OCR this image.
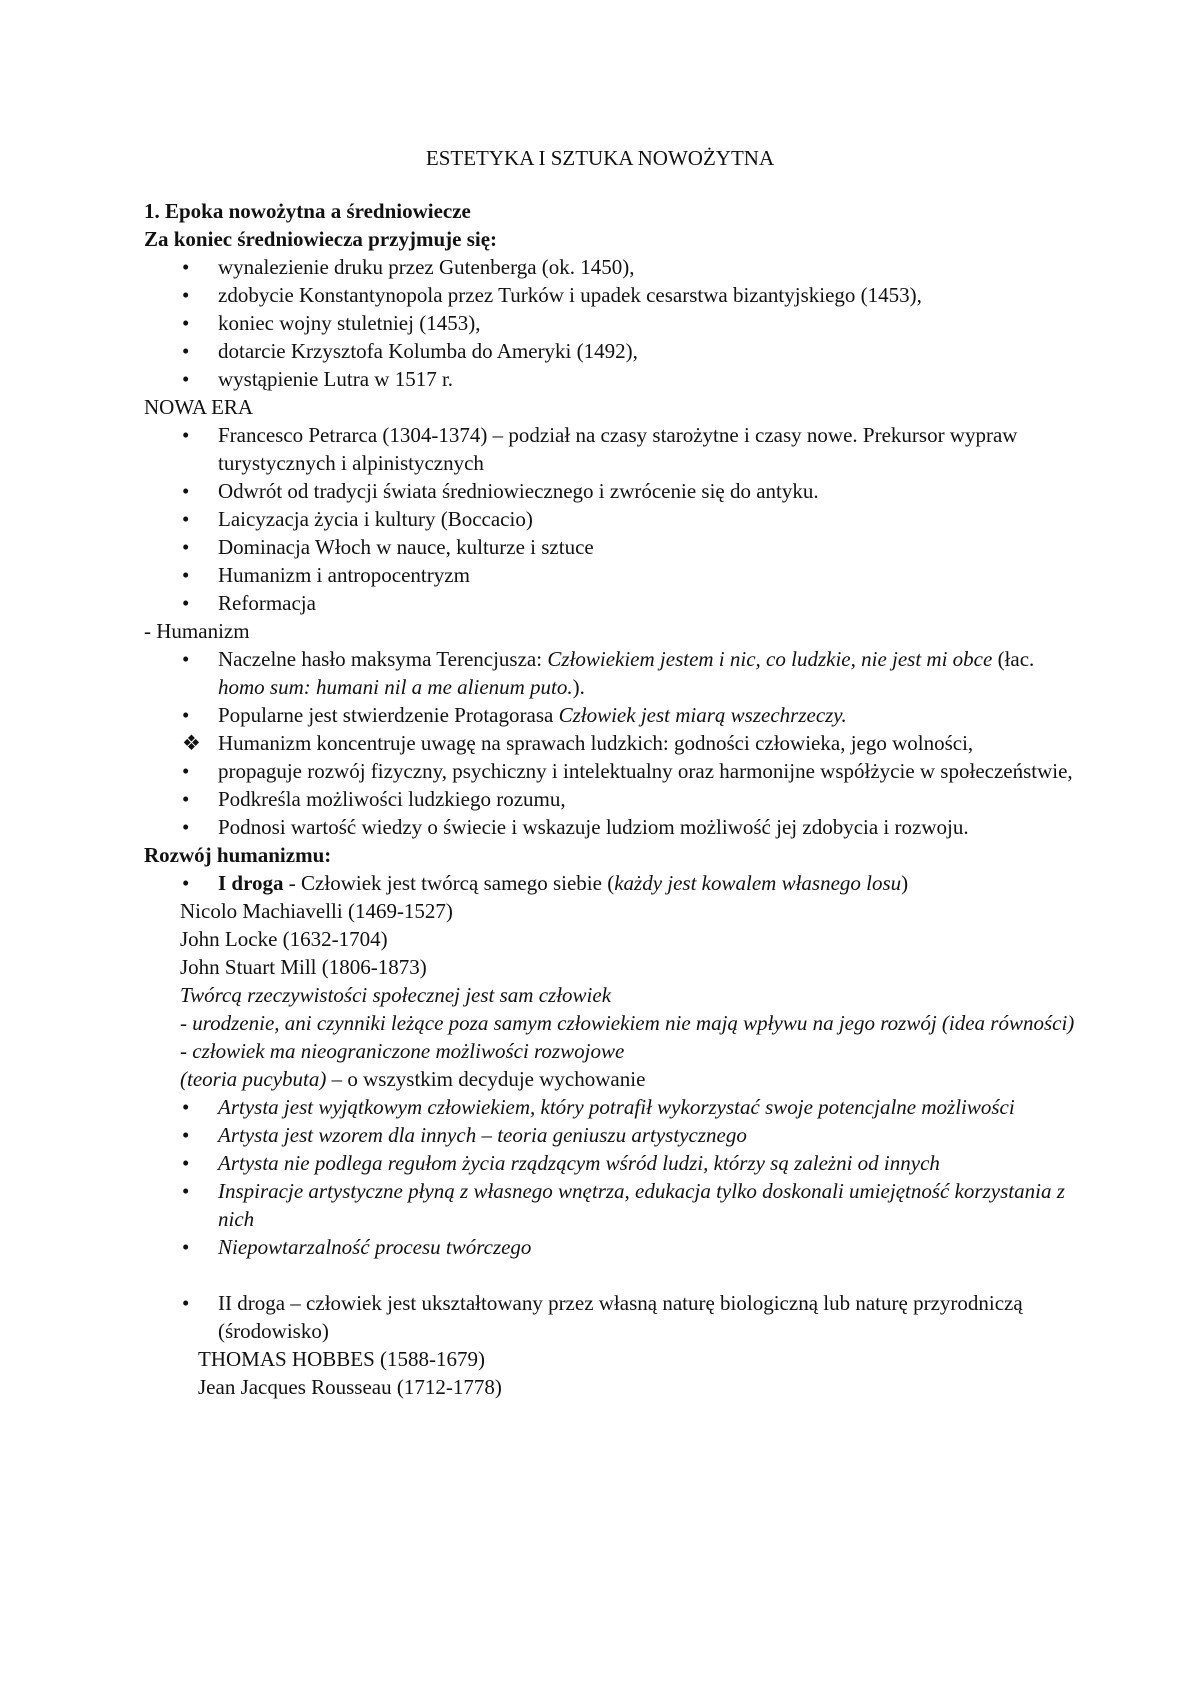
ESTETYKA I SZTUKA NOWOŻYTNA

1. Epoka nowożytna a średniowiecze

Za koniec średniowiecza przyjmuje się:

•	wynalezienie druku przez Gutenberga (ok. 1450),
•	zdobycie Konstantynopola przez Turków i upadek cesarstwa bizantyjskiego (1453),
•	koniec wojny stuletniej (1453),
•	dotarcie Krzysztofa Kolumba do Ameryki (1492),
•	wystąpienie Lutra w 1517 r.

NOWA ERA

•	Francesco Petrarca (1304-1374) – podział na czasy starożytne i czasy nowe. Prekursor wypraw turystycznych i alpinistycznych
•	Odwrót od tradycji świata średniowiecznego i zwrócenie się do antyku.
•	Laicyzacja życia i kultury (Boccacio)
•	Dominacja Włoch w nauce, kulturze i sztuce
•	Humanizm i antropocentryzm
•	Reformacja

- Humanizm

•	Naczelne hasło maksyma Terencjusza: Człowiekiem jestem i nic, co ludzkie, nie jest mi obce (łac. homo sum: humani nil a me alienum puto.).
•	Popularne jest stwierdzenie Protagorasa Człowiek jest miarą wszechrzeczy.
❖ Humanizm koncentruje uwagę na sprawach ludzkich: godności człowieka, jego wolności,
•	propaguje rozwój fizyczny, psychiczny i intelektualny oraz harmonijne współżycie w społeczeństwie,
•	Podkreśla możliwości ludzkiego rozumu,
•	Podnosi wartość wiedzy o świecie i wskazuje ludziom możliwość jej zdobycia i rozwoju.

Rozwój humanizmu:

•	I droga - Człowiek jest twórcą samego siebie (każdy jest kowalem własnego losu)

Nicolo Machiavelli (1469-1527)

John Locke (1632-1704)

John Stuart Mill (1806-1873)

Twórcą rzeczywistości społecznej jest sam człowiek

- urodzenie, ani czynniki leżące poza samym człowiekiem nie mają wpływu na jego rozwój (idea równości)

- człowiek ma nieograniczone możliwości rozwojowe

(teoria pucybuta) – o wszystkim decyduje wychowanie

•	Artysta jest wyjątkowym człowiekiem, który potrafił wykorzystać swoje potencjalne możliwości
•	Artysta jest wzorem dla innych – teoria geniuszu artystycznego
•	Artysta nie podlega regułom życia rządzącym wśród ludzi, którzy są zależni od innych
•	Inspiracje artystyczne płyną z własnego wnętrza, edukacja tylko doskonali umiejętność korzystania z nich
•	Niepowtarzalność procesu twórczego
•	II droga – człowiek jest ukształtowany przez własną naturę biologiczną lub naturę przyrodniczą (środowisko)

THOMAS HOBBES (1588-1679)

Jean Jacques Rousseau (1712-1778)
